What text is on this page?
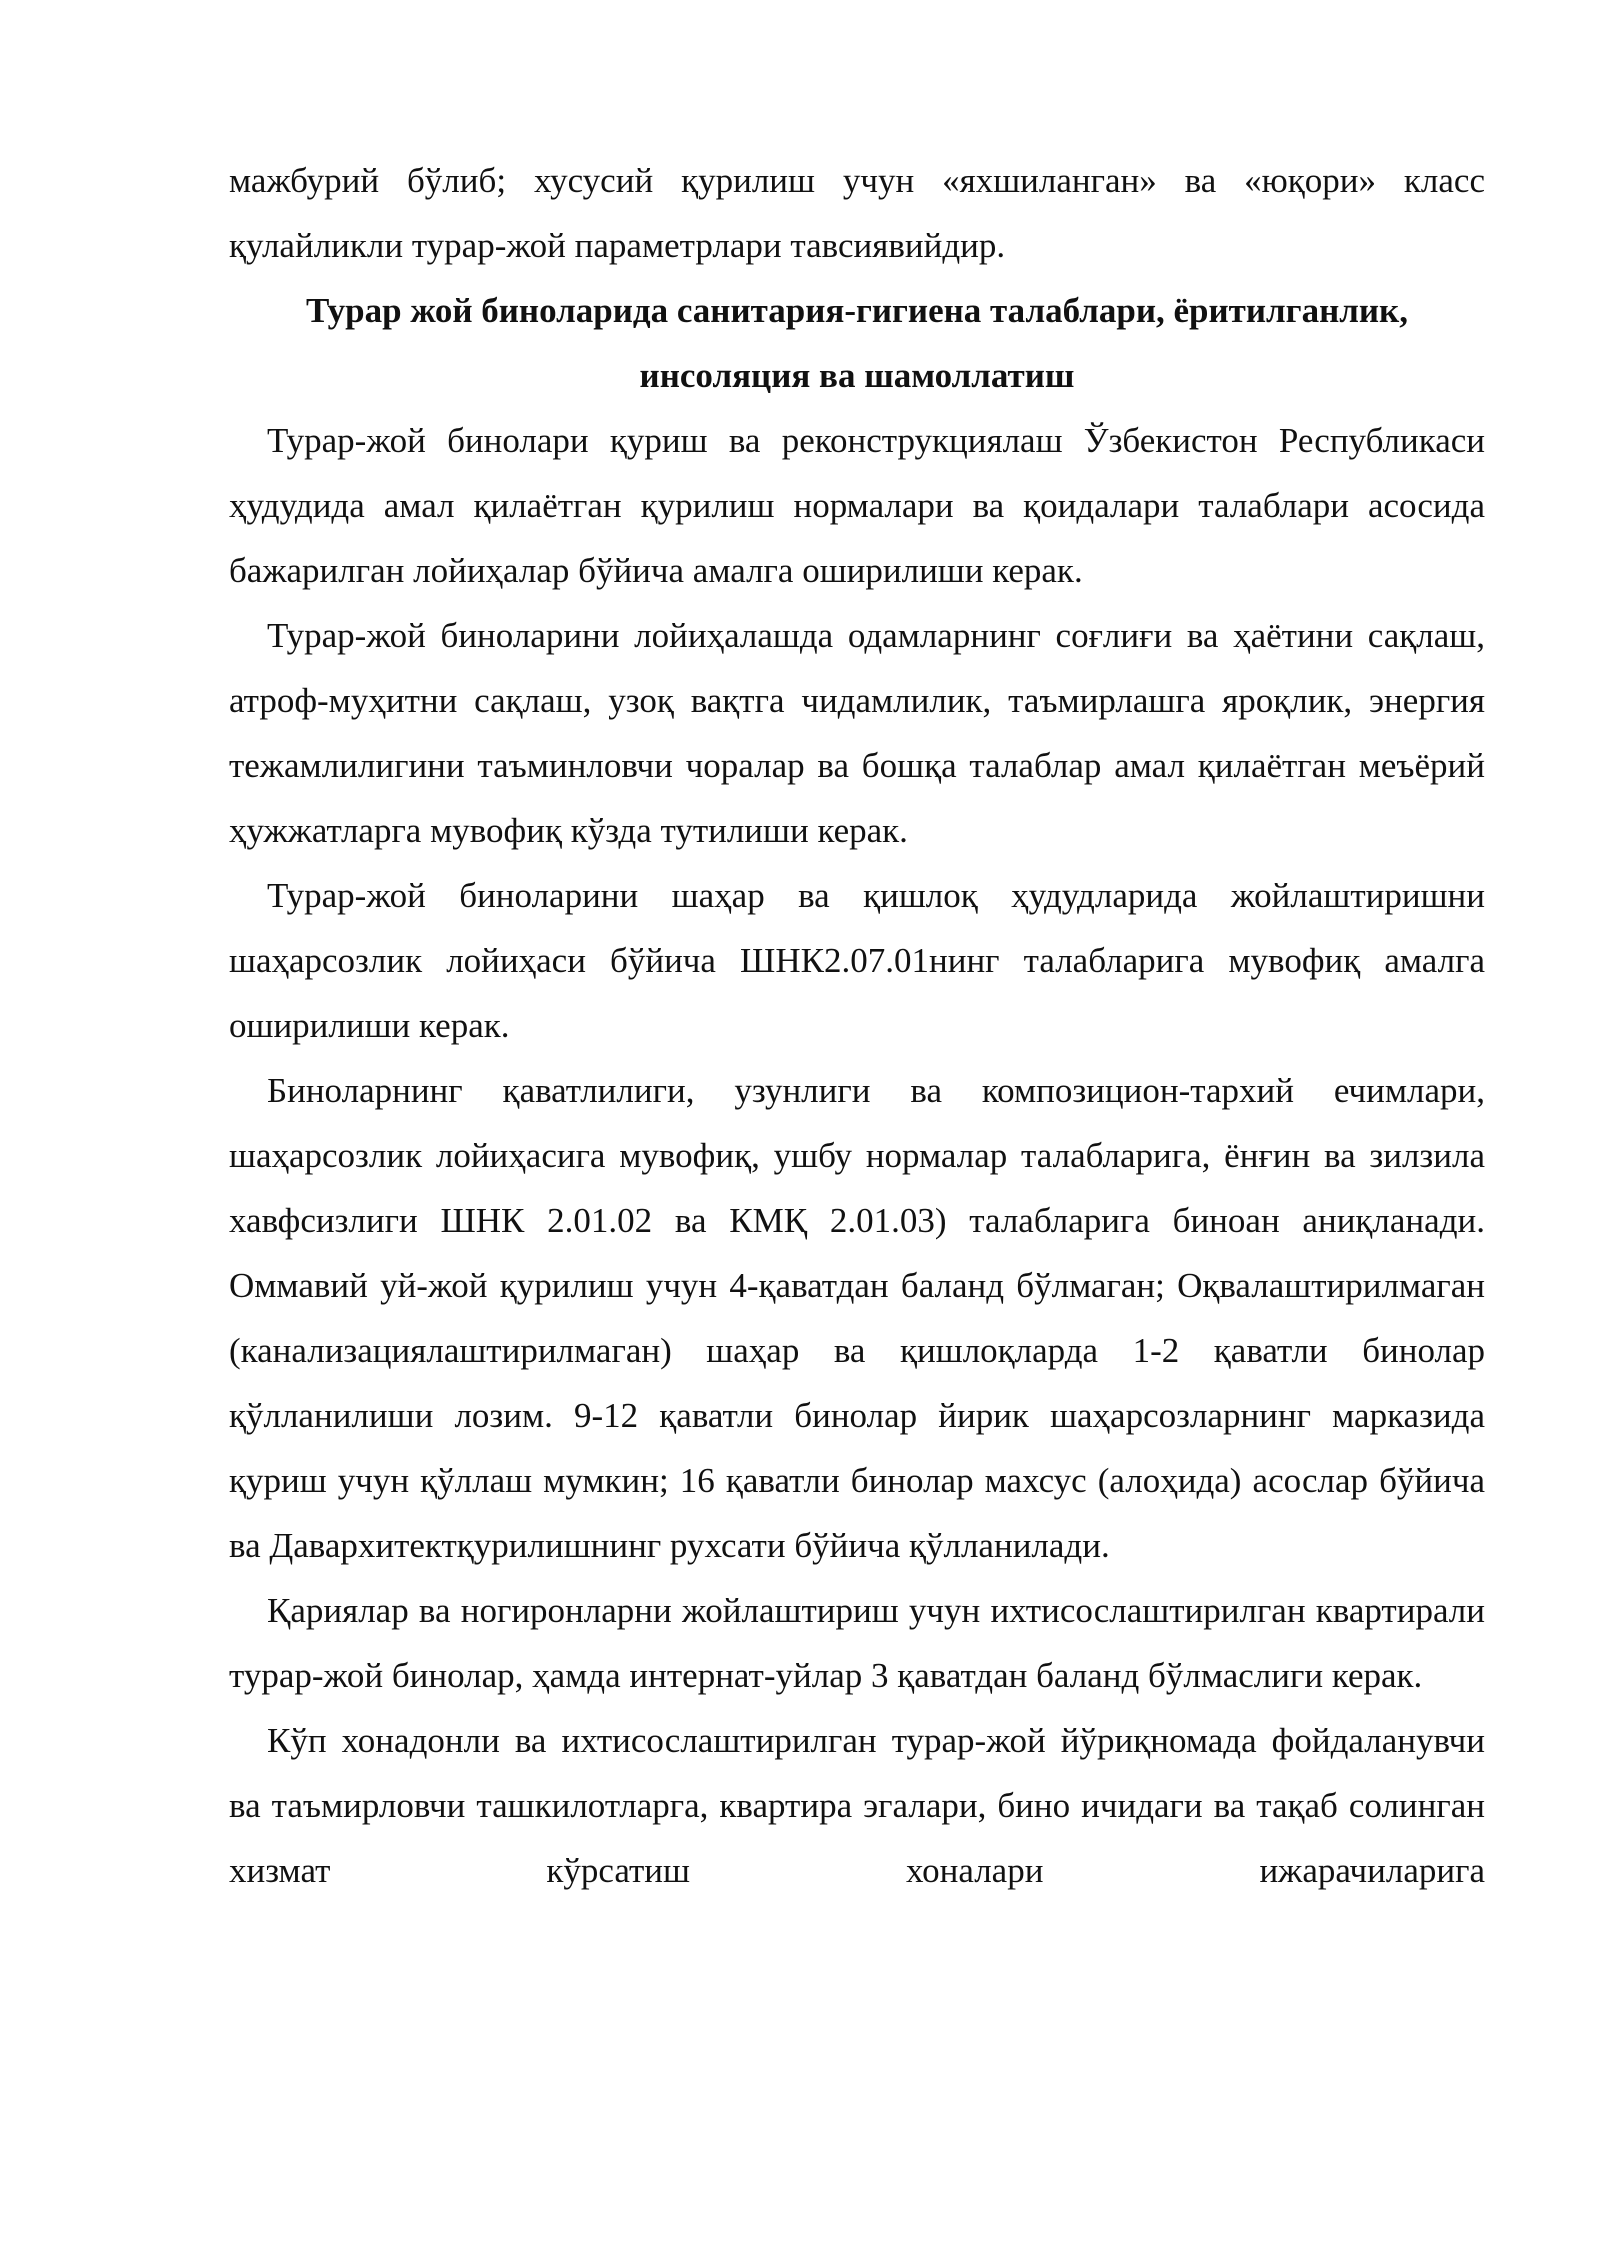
мажбурий бўлиб; хусусий қурилиш учун «яхшиланган» ва «юқори» класс қулайликли турар-жой параметрлари тавсиявийдир.

Турар жой биноларида санитария-гигиена талаблари, ёритилганлик, инсоляция ва шамоллатиш

Турар-жой бинолари қуриш ва реконструкциялаш Ўзбекистон Республикаси ҳудудида амал қилаётган қурилиш нормалари ва қоидалари талаблари асосида бажарилган лойиҳалар бўйича амалга оширилиши керак.

Турар-жой биноларини лойиҳалашда одамларнинг соғлиғи ва ҳаётини сақлаш, атроф-муҳитни сақлаш, узоқ вақтга чидамлилик, таъмирлашга яроқлик, энергия тежамлилигини таъминловчи чоралар ва бошқа талаблар амал қилаётган меъёрий ҳужжатларга мувофиқ кўзда тутилиши керак.

Турар-жой биноларини шаҳар ва қишлоқ ҳудудларида жойлаштиришни шаҳарсозлик лойиҳаси бўйича ШНК2.07.01нинг талабларига мувофиқ амалга оширилиши керак.

Биноларнинг қаватлилиги, узунлиги ва композицион-тархий ечимлари, шаҳарсозлик лойиҳасига мувофиқ, ушбу нормалар талабларига, ёнғин ва зилзила хавфсизлиги ШНК 2.01.02 ва КМҚ 2.01.03) талабларига биноан аниқланади. Оммавий уй-жой қурилиш учун 4-қаватдан баланд бўлмаган; Оқвалаштирилмаган (канализациялаштирилмаган) шаҳар ва қишлоқларда 1-2 қаватли бинолар қўлланилиши лозим. 9-12 қаватли бинолар йирик шаҳарсозларнинг марказида қуриш учун қўллаш мумкин; 16 қаватли бинолар махсус (алоҳида) асослар бўйича ва Давархитектқурилишнинг рухсати бўйича қўлланилади.

Қариялар ва ногиронларни жойлаштириш учун ихтисослаштирилган квартирали турар-жой бинолар, ҳамда интернат-уйлар 3 қаватдан баланд бўлмаслиги керак.

Кўп хонадонли ва ихтисослаштирилган турар-жой йўриқномада фойдаланувчи ва таъмирловчи ташкилотларга, квартира эгалари, бино ичидаги ва тақаб солинган хизмат кўрсатиш хоналари ижарачиларига
